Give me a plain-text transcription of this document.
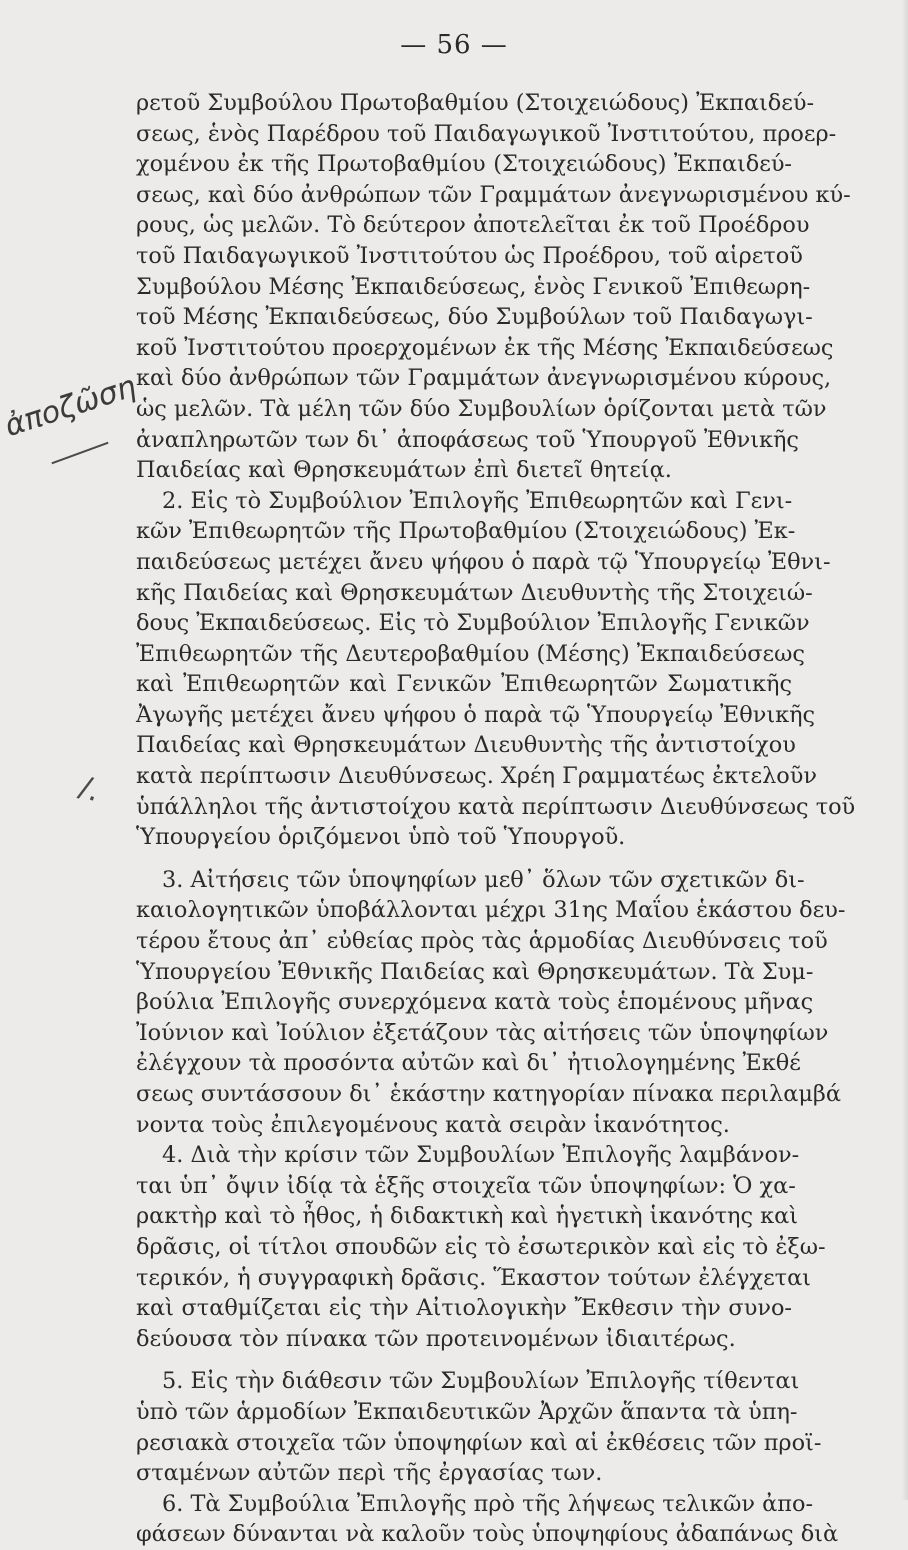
— 56 —
ἀποζῶση
/.
ρετοῦ Συμβούλου Πρωτοβαθμίου (Στοιχειώδους) Ἐκπαιδεύ-
σεως, ἑνὸς Παρέδρου τοῦ Παιδαγωγικοῦ Ἰνστιτούτου, προερ-
χομένου ἐκ τῆς Πρωτοβαθμίου (Στοιχειώδους) Ἐκπαιδεύ-
σεως, καὶ δύο ἀνθρώπων τῶν Γραμμάτων ἀνεγνωρισμένου κύ-
ρους, ὡς μελῶν. Τὸ δεύτερον ἀποτελεῖται ἐκ τοῦ Προέδρου
τοῦ Παιδαγωγικοῦ Ἰνστιτούτου ὡς Προέδρου, τοῦ αἱρετοῦ
Συμβούλου Μέσης Ἐκπαιδεύσεως, ἑνὸς Γενικοῦ Ἐπιθεωρη-
τοῦ Μέσης Ἐκπαιδεύσεως, δύο Συμβούλων τοῦ Παιδαγωγι-
κοῦ Ἰνστιτούτου προερχομένων ἐκ τῆς Μέσης Ἐκπαιδεύσεως
καὶ δύο ἀνθρώπων τῶν Γραμμάτων ἀνεγνωρισμένου κύρους,
ὡς μελῶν. Τὰ μέλη τῶν δύο Συμβουλίων ὁρίζονται μετὰ τῶν
ἀναπληρωτῶν των δι᾽ ἀποφάσεως τοῦ Ὑπουργοῦ Ἐθνικῆς
Παιδείας καὶ Θρησκευμάτων ἐπὶ διετεῖ θητείᾳ.
2. Εἰς τὸ Συμβούλιον Ἐπιλογῆς Ἐπιθεωρητῶν καὶ Γενι-
κῶν Ἐπιθεωρητῶν τῆς Πρωτοβαθμίου (Στοιχειώδους) Ἐκ-
παιδεύσεως μετέχει ἄνευ ψήφου ὁ παρὰ τῷ Ὑπουργείῳ Ἐθνι-
κῆς Παιδείας καὶ Θρησκευμάτων Διευθυντὴς τῆς Στοιχειώ-
δους Ἐκπαιδεύσεως. Εἰς τὸ Συμβούλιον Ἐπιλογῆς Γενικῶν
Ἐπιθεωρητῶν τῆς Δευτεροβαθμίου (Μέσης) Ἐκπαιδεύσεως
καὶ Ἐπιθεωρητῶν καὶ Γενικῶν Ἐπιθεωρητῶν Σωματικῆς
Ἀγωγῆς μετέχει ἄνευ ψήφου ὁ παρὰ τῷ Ὑπουργείῳ Ἐθνικῆς
Παιδείας καὶ Θρησκευμάτων Διευθυντὴς τῆς ἀντιστοίχου
κατὰ περίπτωσιν Διευθύνσεως. Χρέη Γραμματέως ἐκτελοῦν
ὑπάλληλοι τῆς ἀντιστοίχου κατὰ περίπτωσιν Διευθύνσεως τοῦ
Ὑπουργείου ὁριζόμενοι ὑπὸ τοῦ Ὑπουργοῦ.
3. Αἰτήσεις τῶν ὑποψηφίων μεθ᾽ ὅλων τῶν σχετικῶν δι-
καιολογητικῶν ὑποβάλλονται μέχρι 31ης Μαΐου ἑκάστου δευ-
τέρου ἔτους ἀπ᾽ εὐθείας πρὸς τὰς ἁρμοδίας Διευθύνσεις τοῦ
Ὑπουργείου Ἐθνικῆς Παιδείας καὶ Θρησκευμάτων. Τὰ Συμ-
βούλια Ἐπιλογῆς συνερχόμενα κατὰ τοὺς ἑπομένους μῆνας
Ἰούνιον καὶ Ἰούλιον ἐξετάζουν τὰς αἰτήσεις τῶν ὑποψηφίων
ἐλέγχουν τὰ προσόντα αὐτῶν καὶ δι᾽ ἠτιολογημένης Ἐκθέ
σεως συντάσσουν δι᾽ ἑκάστην κατηγορίαν πίνακα περιλαμβά
νοντα τοὺς ἐπιλεγομένους κατὰ σειρὰν ἱκανότητος.
4. Διὰ τὴν κρίσιν τῶν Συμβουλίων Ἐπιλογῆς λαμβάνον-
ται ὑπ᾽ ὄψιν ἰδίᾳ τὰ ἑξῆς στοιχεῖα τῶν ὑποψηφίων: Ὁ χα-
ρακτὴρ καὶ τὸ ἦθος, ἡ διδακτικὴ καὶ ἡγετικὴ ἱκανότης καὶ
δρᾶσις, οἱ τίτλοι σπουδῶν εἰς τὸ ἐσωτερικὸν καὶ εἰς τὸ ἐξω-
τερικόν, ἡ συγγραφικὴ δρᾶσις. Ἕκαστον τούτων ἐλέγχεται
καὶ σταθμίζεται εἰς τὴν Αἰτιολογικὴν Ἔκθεσιν τὴν συνο-
δεύουσα τὸν πίνακα τῶν προτεινομένων ἰδιαιτέρως.
5. Εἰς τὴν διάθεσιν τῶν Συμβουλίων Ἐπιλογῆς τίθενται
ὑπὸ τῶν ἁρμοδίων Ἐκπαιδευτικῶν Ἀρχῶν ἅπαντα τὰ ὑπη-
ρεσιακὰ στοιχεῖα τῶν ὑποψηφίων καὶ αἱ ἐκθέσεις τῶν προϊ-
σταμένων αὐτῶν περὶ τῆς ἐργασίας των.
6. Τὰ Συμβούλια Ἐπιλογῆς πρὸ τῆς λήψεως τελικῶν ἀπο-
φάσεων δύνανται νὰ καλοῦν τοὺς ὑποψηφίους ἀδαπάνως διὰ
